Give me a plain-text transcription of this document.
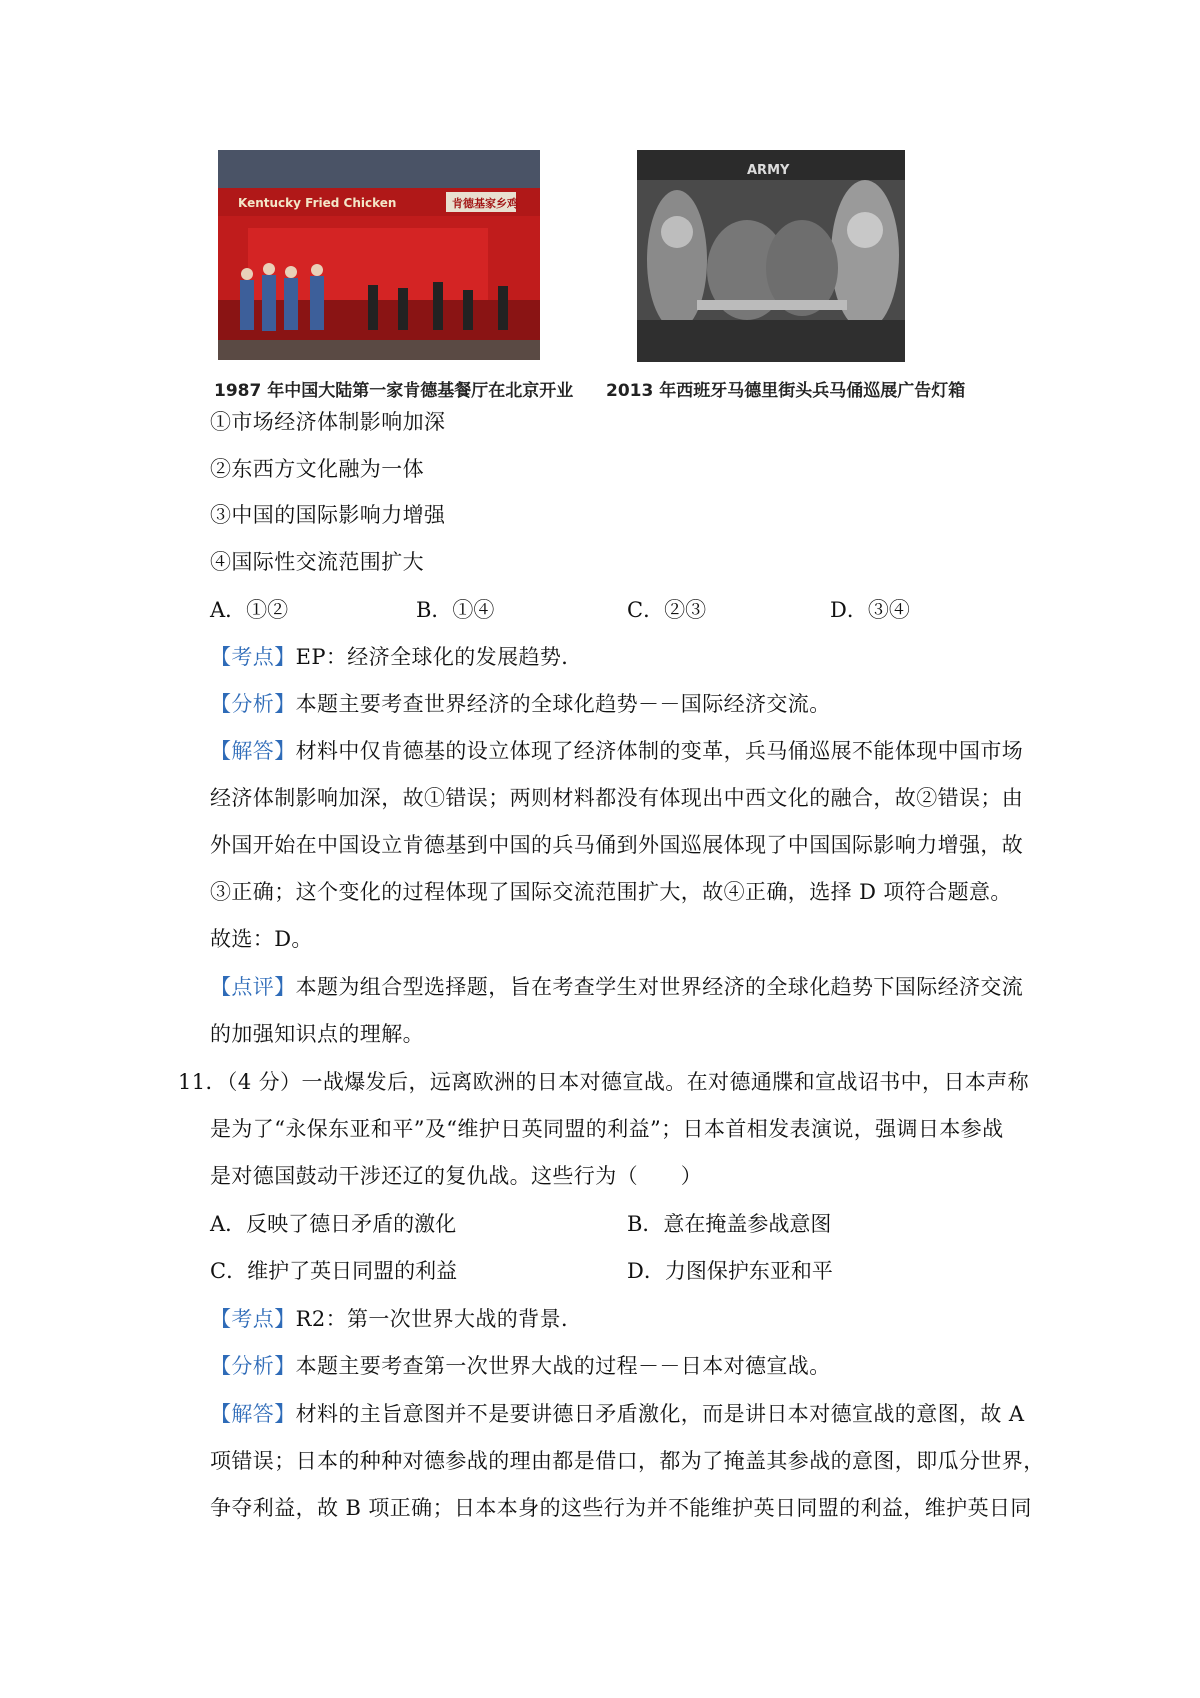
Kentucky Fried Chicken	肯德基家乡鸡
ARMY
1987 年中国大陆第一家肯德基餐厅在北京开业 2013 年西班牙马德里街头兵马俑巡展广告灯箱
①市场经济体制影响加深
②东西方文化融为一体
③中国的国际影响力增强
④国际性交流范围扩大
A．①②	B．①④	C．②③	D．③④
【考点】EP：经济全球化的发展趋势．
【分析】本题主要考查世界经济的全球化趋势－－国际经济交流。
【解答】材料中仅肯德基的设立体现了经济体制的变革，兵马俑巡展不能体现中国市场
经济体制影响加深，故①错误；两则材料都没有体现出中西文化的融合，故②错误；由
外国开始在中国设立肯德基到中国的兵马俑到外国巡展体现了中国国际影响力增强，故
③正确；这个变化的过程体现了国际交流范围扩大，故④正确，选择 D 项符合题意。
故选：D。
【点评】本题为组合型选择题，旨在考查学生对世界经济的全球化趋势下国际经济交流
的加强知识点的理解。
11．（4 分）一战爆发后，远离欧洲的日本对德宣战。在对德通牒和宣战诏书中，日本声称
是为了“永保东亚和平”及“维护日英同盟的利益”；日本首相发表演说，强调日本参战
是对德国鼓动干涉还辽的复仇战。这些行为（　　）
A．反映了德日矛盾的激化	B．意在掩盖参战意图
C．维护了英日同盟的利益	D．力图保护东亚和平
【考点】R2：第一次世界大战的背景．
【分析】本题主要考查第一次世界大战的过程－－日本对德宣战。
【解答】材料的主旨意图并不是要讲德日矛盾激化，而是讲日本对德宣战的意图，故 A
项错误；日本的种种对德参战的理由都是借口，都为了掩盖其参战的意图，即瓜分世界，
争夺利益，故 B 项正确；日本本身的这些行为并不能维护英日同盟的利益，维护英日同
